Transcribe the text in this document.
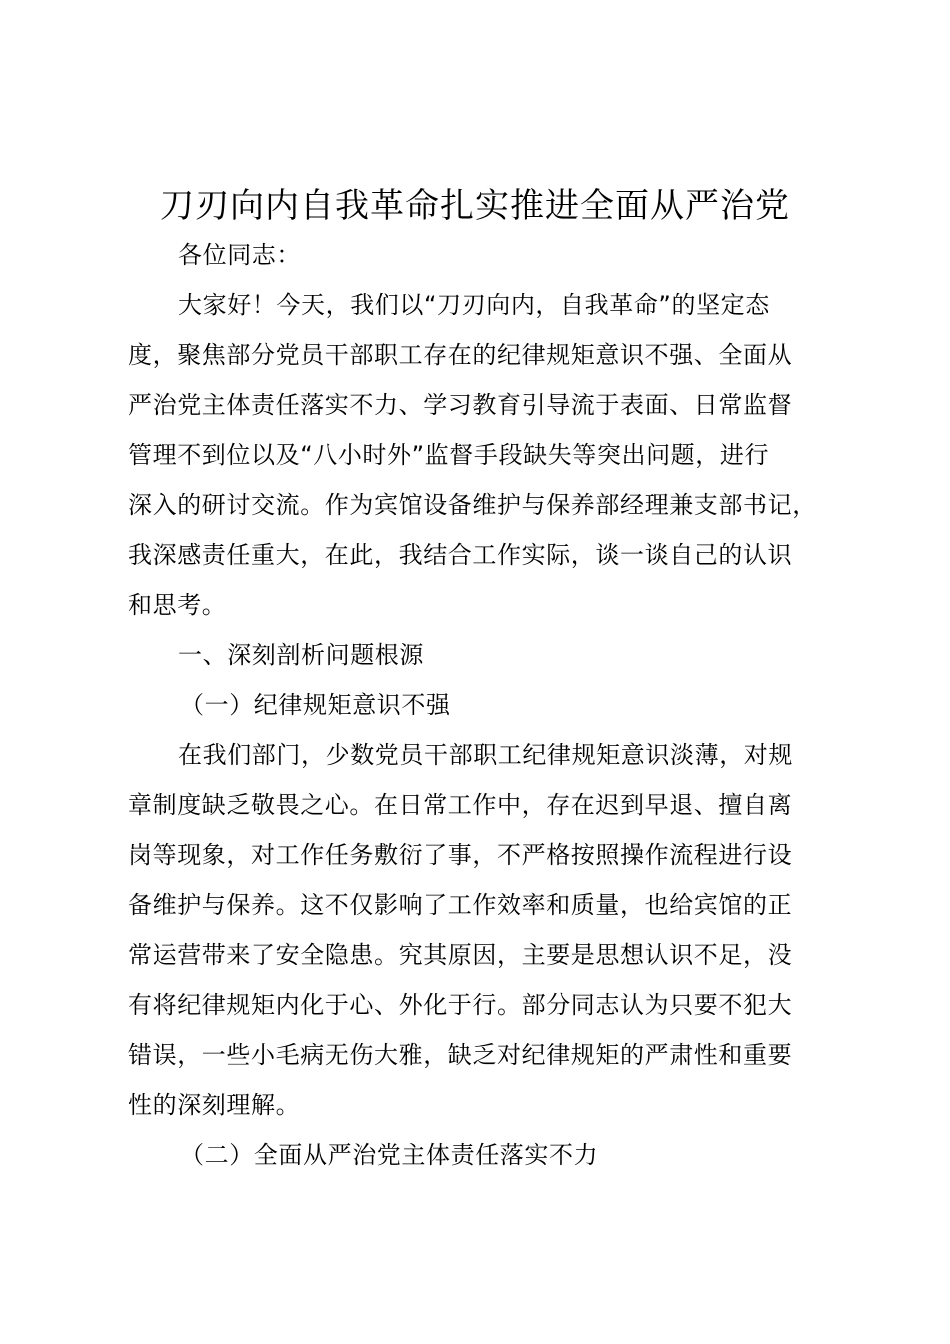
刀刃向内自我革命扎实推进全面从严治党
各位同志：
大家好！今天，我们以“刀刃向内，自我革命”的坚定态
度，聚焦部分党员干部职工存在的纪律规矩意识不强、全面从
严治党主体责任落实不力、学习教育引导流于表面、日常监督
管理不到位以及“八小时外”监督手段缺失等突出问题，进行
深入的研讨交流。作为宾馆设备维护与保养部经理兼支部书记，
我深感责任重大，在此，我结合工作实际，谈一谈自己的认识
和思考。
一、深刻剖析问题根源
（一）纪律规矩意识不强
在我们部门，少数党员干部职工纪律规矩意识淡薄，对规
章制度缺乏敬畏之心。在日常工作中，存在迟到早退、擅自离
岗等现象，对工作任务敷衍了事，不严格按照操作流程进行设
备维护与保养。这不仅影响了工作效率和质量，也给宾馆的正
常运营带来了安全隐患。究其原因，主要是思想认识不足，没
有将纪律规矩内化于心、外化于行。部分同志认为只要不犯大
错误，一些小毛病无伤大雅，缺乏对纪律规矩的严肃性和重要
性的深刻理解。
（二）全面从严治党主体责任落实不力
